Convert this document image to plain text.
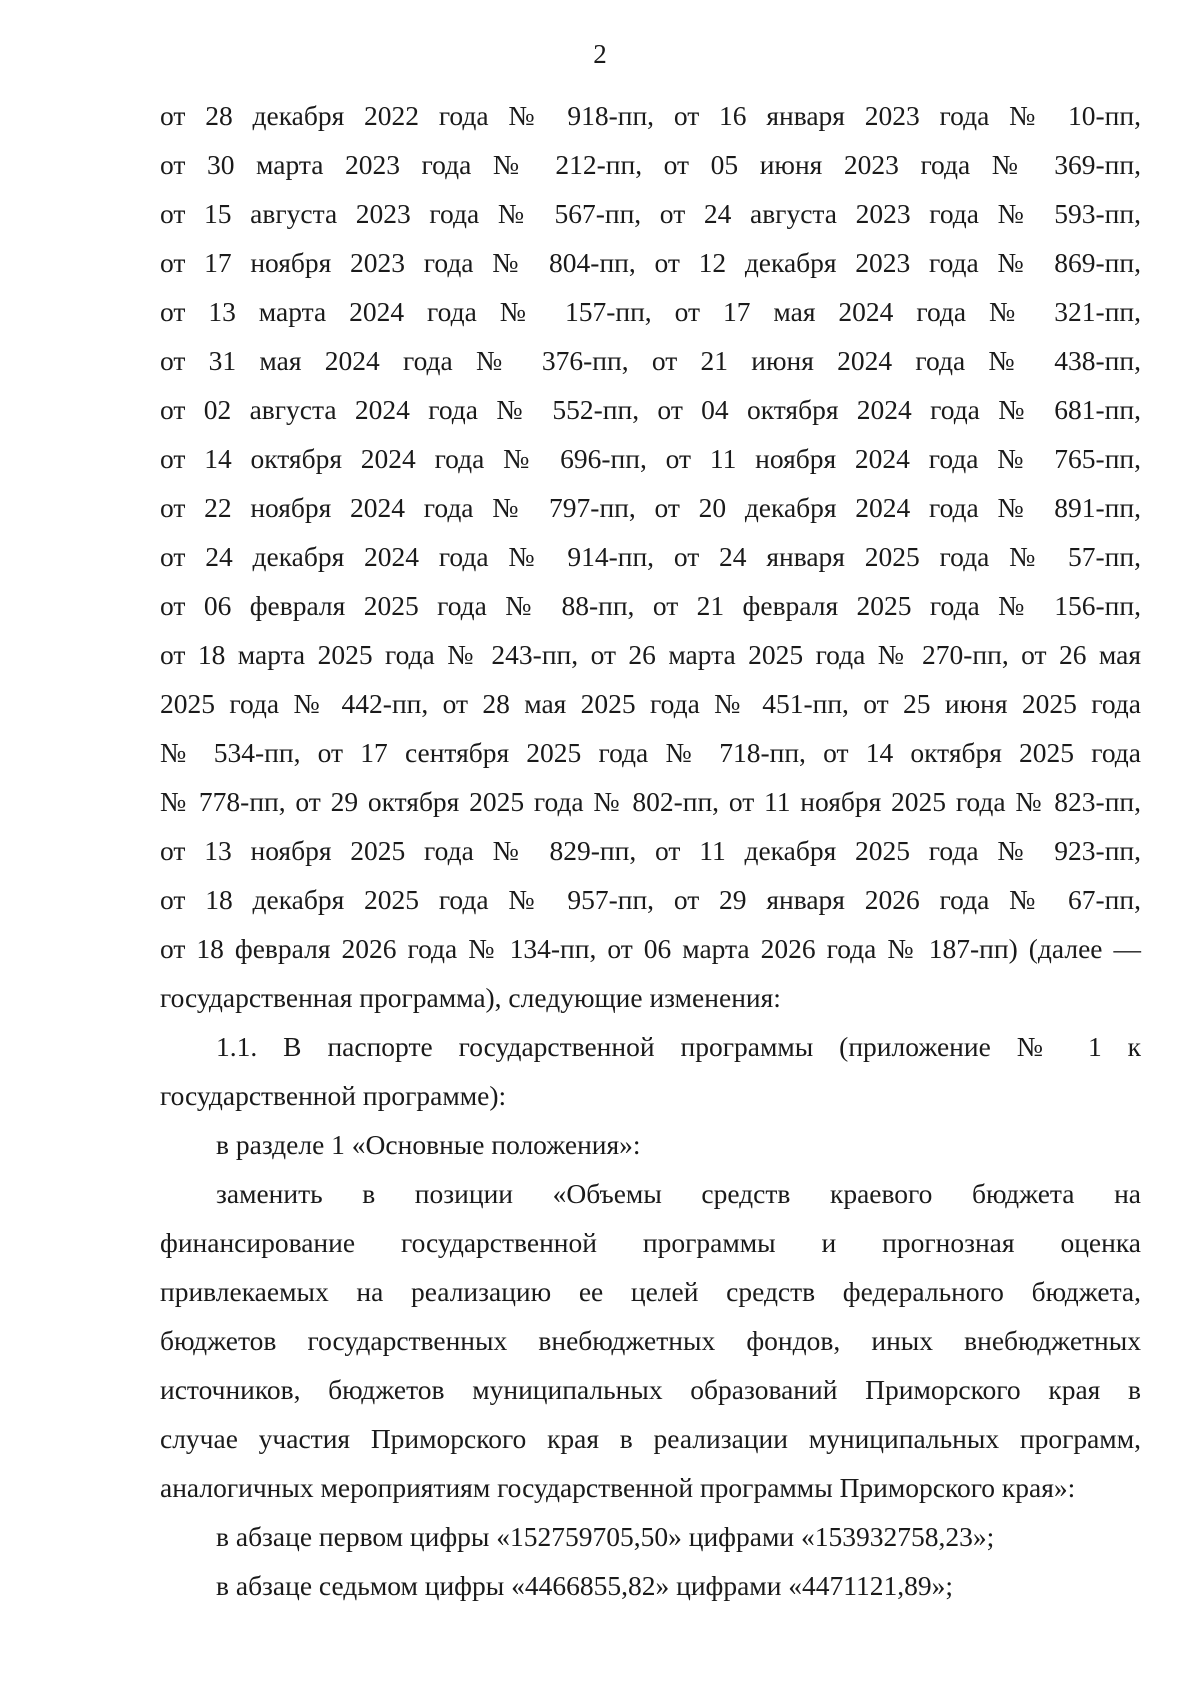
2
от 28 декабря 2022 года № 918-пп, от 16 января 2023 года № 10-пп,
от 30 марта 2023 года № 212-пп, от 05 июня 2023 года № 369-пп,
от 15 августа 2023 года № 567-пп, от 24 августа 2023 года № 593-пп,
от 17 ноября 2023 года № 804-пп, от 12 декабря 2023 года № 869-пп,
от 13 марта 2024 года № 157-пп, от 17 мая 2024 года № 321-пп,
от 31 мая 2024 года № 376-пп, от 21 июня 2024 года № 438-пп,
от 02 августа 2024 года № 552-пп, от 04 октября 2024 года № 681-пп,
от 14 октября 2024 года № 696-пп, от 11 ноября 2024 года № 765-пп,
от 22 ноября 2024 года № 797-пп, от 20 декабря 2024 года № 891-пп,
от 24 декабря 2024 года № 914-пп, от 24 января 2025 года № 57-пп,
от 06 февраля 2025 года № 88-пп, от 21 февраля 2025 года № 156-пп,
от 18 марта 2025 года № 243-пп, от 26 марта 2025 года № 270-пп, от 26 мая
2025 года № 442-пп, от 28 мая 2025 года № 451-пп, от 25 июня 2025 года
№ 534-пп, от 17 сентября 2025 года № 718-пп, от 14 октября 2025 года
№ 778-пп, от 29 октября 2025 года № 802-пп, от 11 ноября 2025 года № 823-пп,
от 13 ноября 2025 года № 829-пп, от 11 декабря 2025 года № 923-пп,
от 18 декабря 2025 года № 957-пп, от 29 января 2026 года № 67-пп,
от 18 февраля 2026 года № 134-пп, от 06 марта 2026 года № 187-пп) (далее —
государственная программа), следующие изменения:
1.1. В паспорте государственной программы (приложение № 1 к
государственной программе):
в разделе 1 «Основные положения»:
заменить в позиции «Объемы средств краевого бюджета на
финансирование государственной программы и прогнозная оценка
привлекаемых на реализацию ее целей средств федерального бюджета,
бюджетов государственных внебюджетных фондов, иных внебюджетных
источников, бюджетов муниципальных образований Приморского края в
случае участия Приморского края в реализации муниципальных программ,
аналогичных мероприятиям государственной программы Приморского края»:
в абзаце первом цифры «152759705,50» цифрами «153932758,23»;
в абзаце седьмом цифры «4466855,82» цифрами «4471121,89»;
